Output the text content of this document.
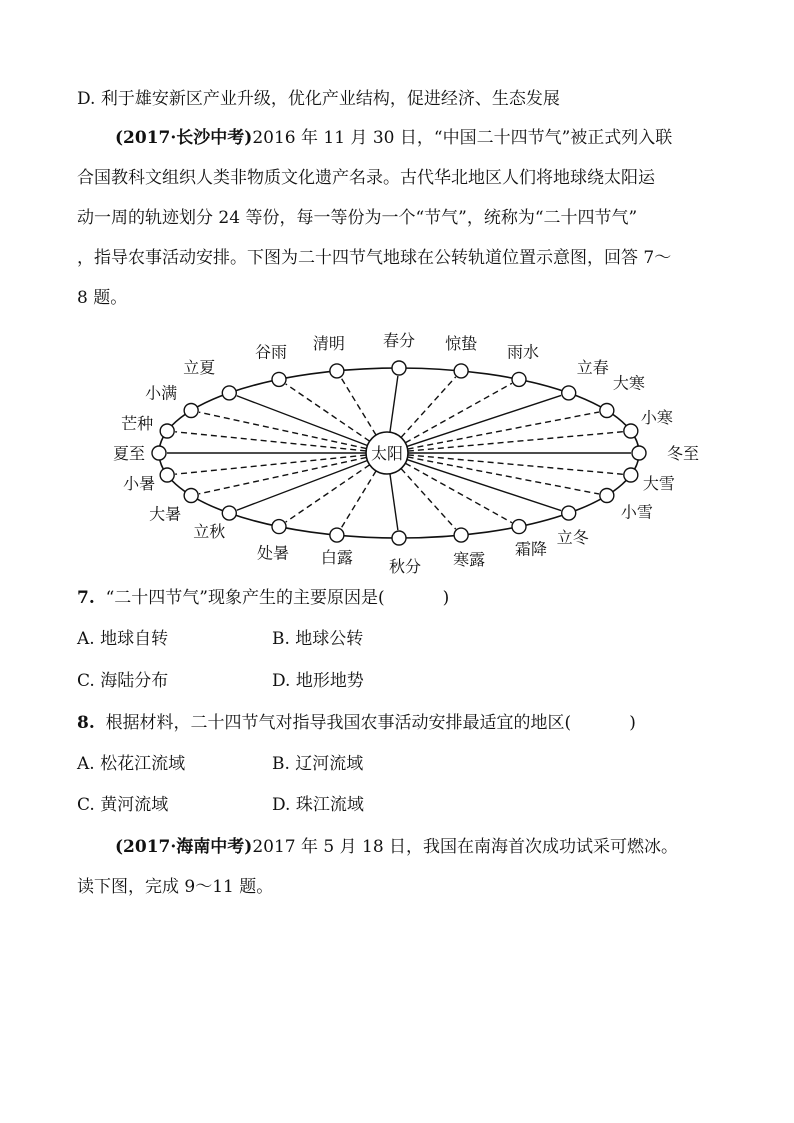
D. 利于雄安新区产业升级，优化产业结构，促进经济、生态发展
(2017·长沙中考)2016 年 11 月 30 日，“中国二十四节气”被正式列入联
合国教科文组织人类非物质文化遗产名录。古代华北地区人们将地球绕太阳运
动一周的轨迹划分 24 等份，每一等份为一个“节气”，统称为“二十四节气”
，指导农事活动安排。下图为二十四节气地球在公转轨道位置示意图，回答 7～
8 题。
太阳	冬至
小寒
大寒
立春
雨水
惊蛰
春分
清明
谷雨
立夏
小满
芒种
夏至
小暑
大暑
立秋
处暑 白露 秋分 寒露
霜降
立冬
小雪
大雪
7. “二十四节气”现象产生的主要原因是(	)
A. 地球自转	B. 地球公转
C. 海陆分布	D. 地形地势
8. 根据材料，二十四节气对指导我国农事活动安排最适宜的地区(	)
A. 松花江流域	B. 辽河流域
C. 黄河流域	D. 珠江流域
(2017·海南中考)2017 年 5 月 18 日，我国在南海首次成功试采可燃冰。
读下图，完成 9～11 题。
